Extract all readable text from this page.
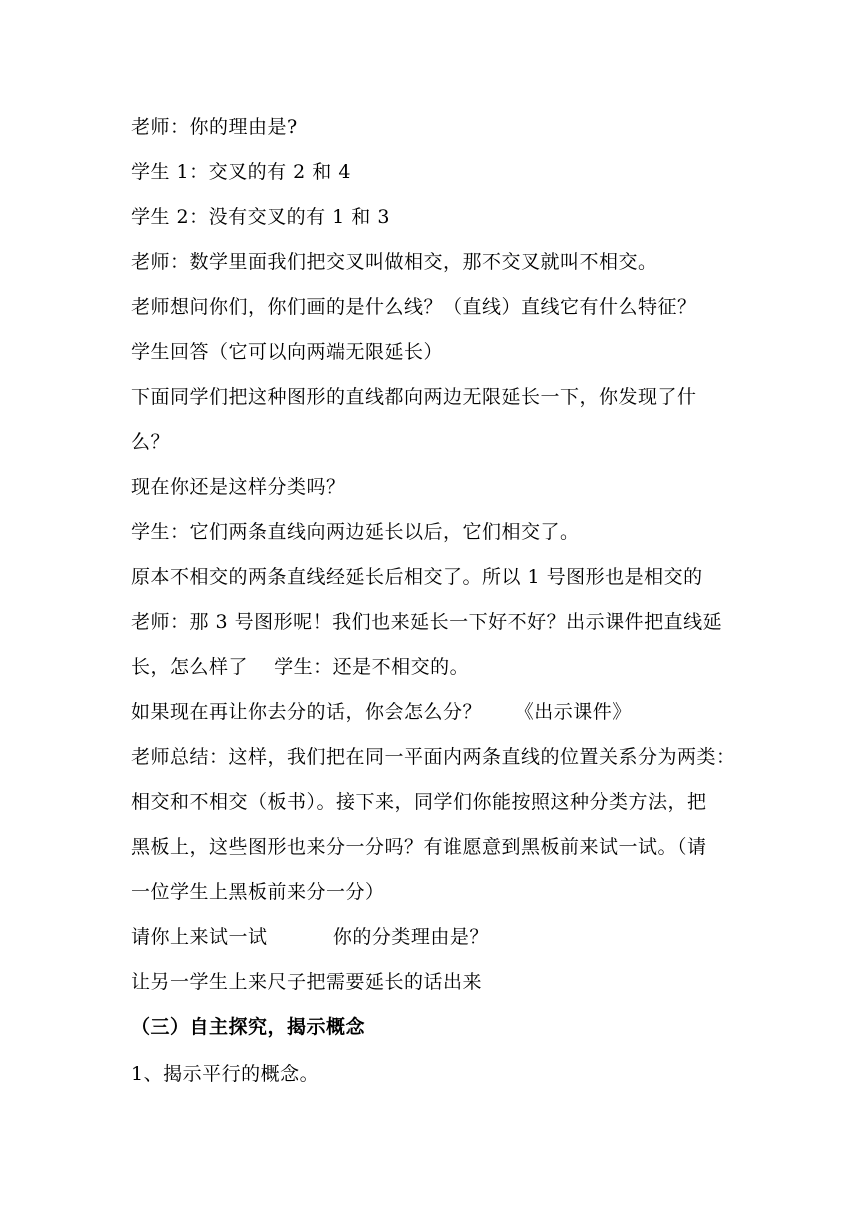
老师：你的理由是?
学生 1：交叉的有 2 和 4
学生 2：没有交叉的有 1 和 3
老师：数学里面我们把交叉叫做相交，那不交叉就叫不相交。
老师想问你们，你们画的是什么线？（直线）直线它有什么特征？
学生回答（它可以向两端无限延长）
下面同学们把这种图形的直线都向两边无限延长一下，你发现了什
么？
现在你还是这样分类吗？
学生：它们两条直线向两边延长以后，它们相交了。
原本不相交的两条直线经延长后相交了。所以 1 号图形也是相交的
老师：那 3 号图形呢！我们也来延长一下好不好？出示课件把直线延
长，怎么样了    学生：还是不相交的。
如果现在再让你去分的话，你会怎么分？     《出示课件》
老师总结：这样，我们把在同一平面内两条直线的位置关系分为两类：
相交和不相交（板书）。接下来，同学们你能按照这种分类方法，把
黑板上，这些图形也来分一分吗？有谁愿意到黑板前来试一试。（请
一位学生上黑板前来分一分）
请你上来试一试          你的分类理由是？
让另一学生上来尺子把需要延长的话出来
（三）自主探究，揭示概念
1、揭示平行的概念。
